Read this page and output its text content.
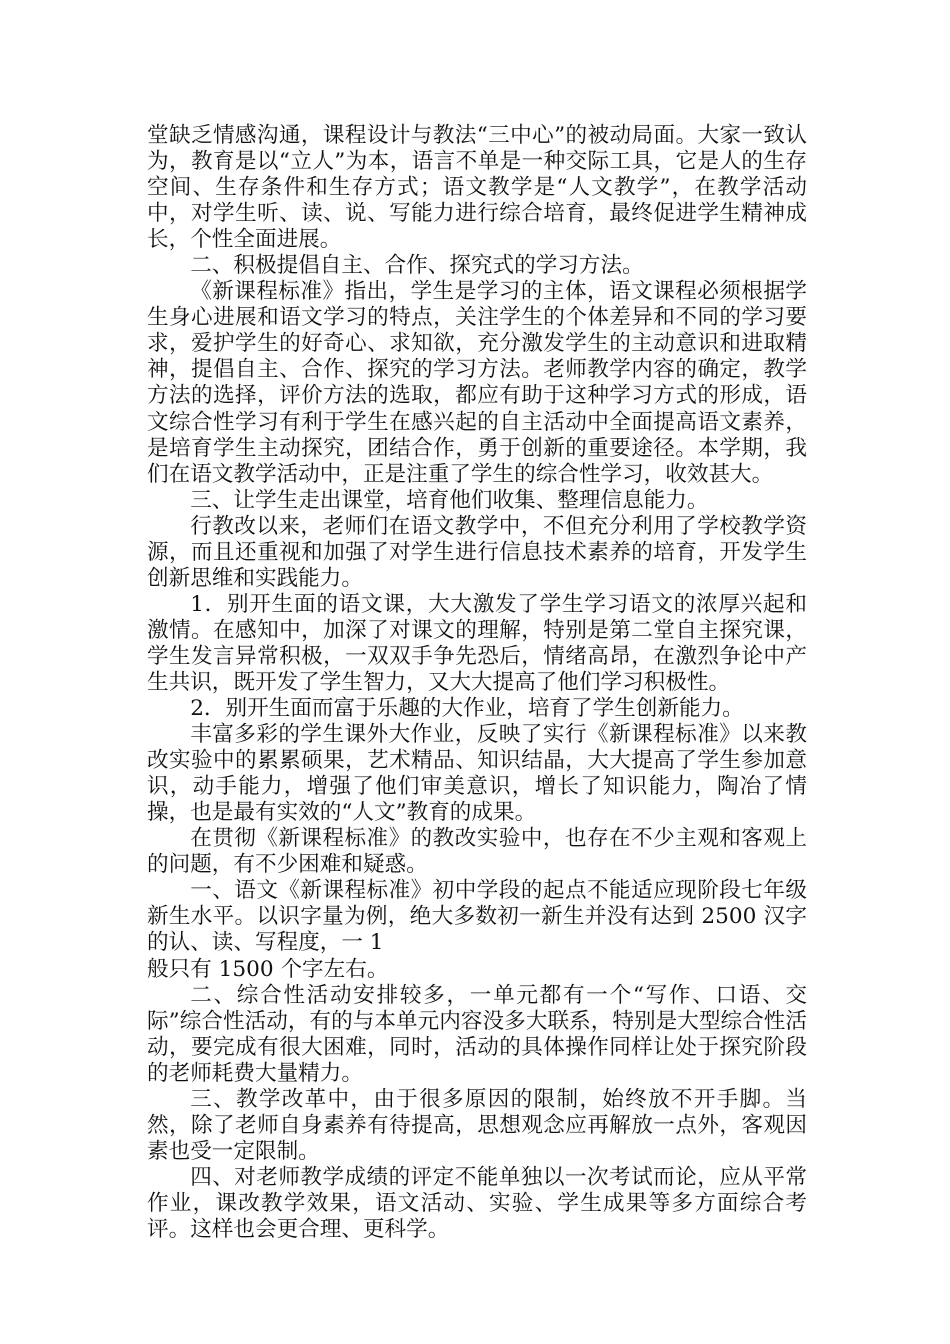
堂缺乏情感沟通，课程设计与教法“三中心”的被动局面。大家一致认为，教育是以“立人”为本，语言不单是一种交际工具，它是人的生存空间、生存条件和生存方式；语文教学是“人文教学”，在教学活动中，对学生听、读、说、写能力进行综合培育，最终促进学生精神成长，个性全面进展。

二、积极提倡自主、合作、探究式的学习方法。

《新课程标准》指出，学生是学习的主体，语文课程必须根据学生身心进展和语文学习的特点，关注学生的个体差异和不同的学习要求，爱护学生的好奇心、求知欲，充分激发学生的主动意识和进取精神，提倡自主、合作、探究的学习方法。老师教学内容的确定，教学方法的选择，评价方法的选取，都应有助于这种学习方式的形成，语文综合性学习有利于学生在感兴起的自主活动中全面提高语文素养，是培育学生主动探究，团结合作，勇于创新的重要途径。本学期，我们在语文教学活动中，正是注重了学生的综合性学习，收效甚大。

三、让学生走出课堂，培育他们收集、整理信息能力。

行教改以来，老师们在语文教学中，不但充分利用了学校教学资源，而且还重视和加强了对学生进行信息技术素养的培育，开发学生创新思维和实践能力。

1．别开生面的语文课，大大激发了学生学习语文的浓厚兴起和激情。在感知中，加深了对课文的理解，特别是第二堂自主探究课，学生发言异常积极，一双双手争先恐后，情绪高昂，在激烈争论中产生共识，既开发了学生智力，又大大提高了他们学习积极性。

2．别开生面而富于乐趣的大作业，培育了学生创新能力。

丰富多彩的学生课外大作业，反映了实行《新课程标准》以来教改实验中的累累硕果，艺术精品、知识结晶，大大提高了学生参加意识，动手能力，增强了他们审美意识，增长了知识能力，陶冶了情操，也是最有实效的“人文”教育的成果。

在贯彻《新课程标准》的教改实验中，也存在不少主观和客观上的问题，有不少困难和疑惑。

一、语文《新课程标准》初中学段的起点不能适应现阶段七年级新生水平。以识字量为例，绝大多数初一新生并没有达到 2500 汉字的认、读、写程度，一 1

般只有 1500 个字左右。

二、综合性活动安排较多，一单元都有一个“写作、口语、交际”综合性活动，有的与本单元内容没多大联系，特别是大型综合性活动，要完成有很大困难，同时，活动的具体操作同样让处于探究阶段的老师耗费大量精力。

三、教学改革中，由于很多原因的限制，始终放不开手脚。当然，除了老师自身素养有待提高，思想观念应再解放一点外，客观因素也受一定限制。

四、对老师教学成绩的评定不能单独以一次考试而论，应从平常作业，课改教学效果，语文活动、实验、学生成果等多方面综合考评。这样也会更合理、更科学。
